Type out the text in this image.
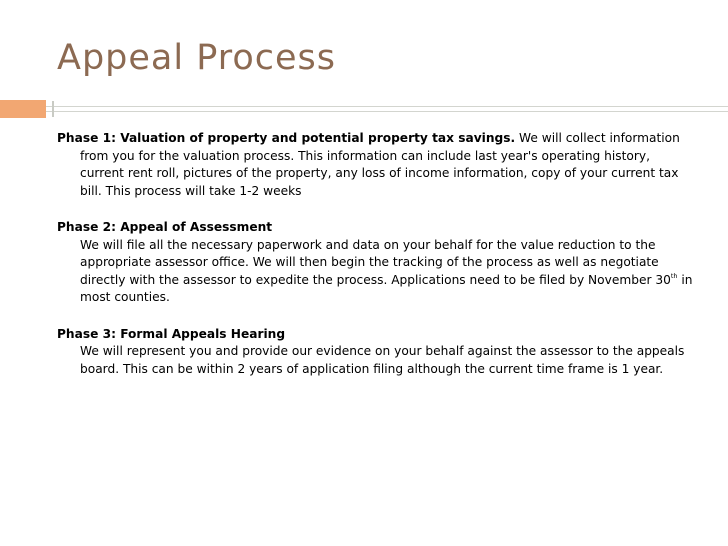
Appeal Process

Phase 1: Valuation of property and potential property tax savings. We will collect information from you for the valuation process. This information can include last year's operating history, current rent roll, pictures of the property, any loss of income information, copy of your current tax bill. This process will take 1-2 weeks

Phase 2: Appeal of Assessment

We will file all the necessary paperwork and data on your behalf for the value reduction to the appropriate assessor office. We will then begin the tracking of the process as well as negotiate directly with the assessor to expedite the process. Applications need to be filed by November 30th in most counties.

Phase 3: Formal Appeals Hearing

We will represent you and provide our evidence on your behalf against the assessor to the appeals board. This can be within 2 years of application filing although the current time frame is 1 year.
